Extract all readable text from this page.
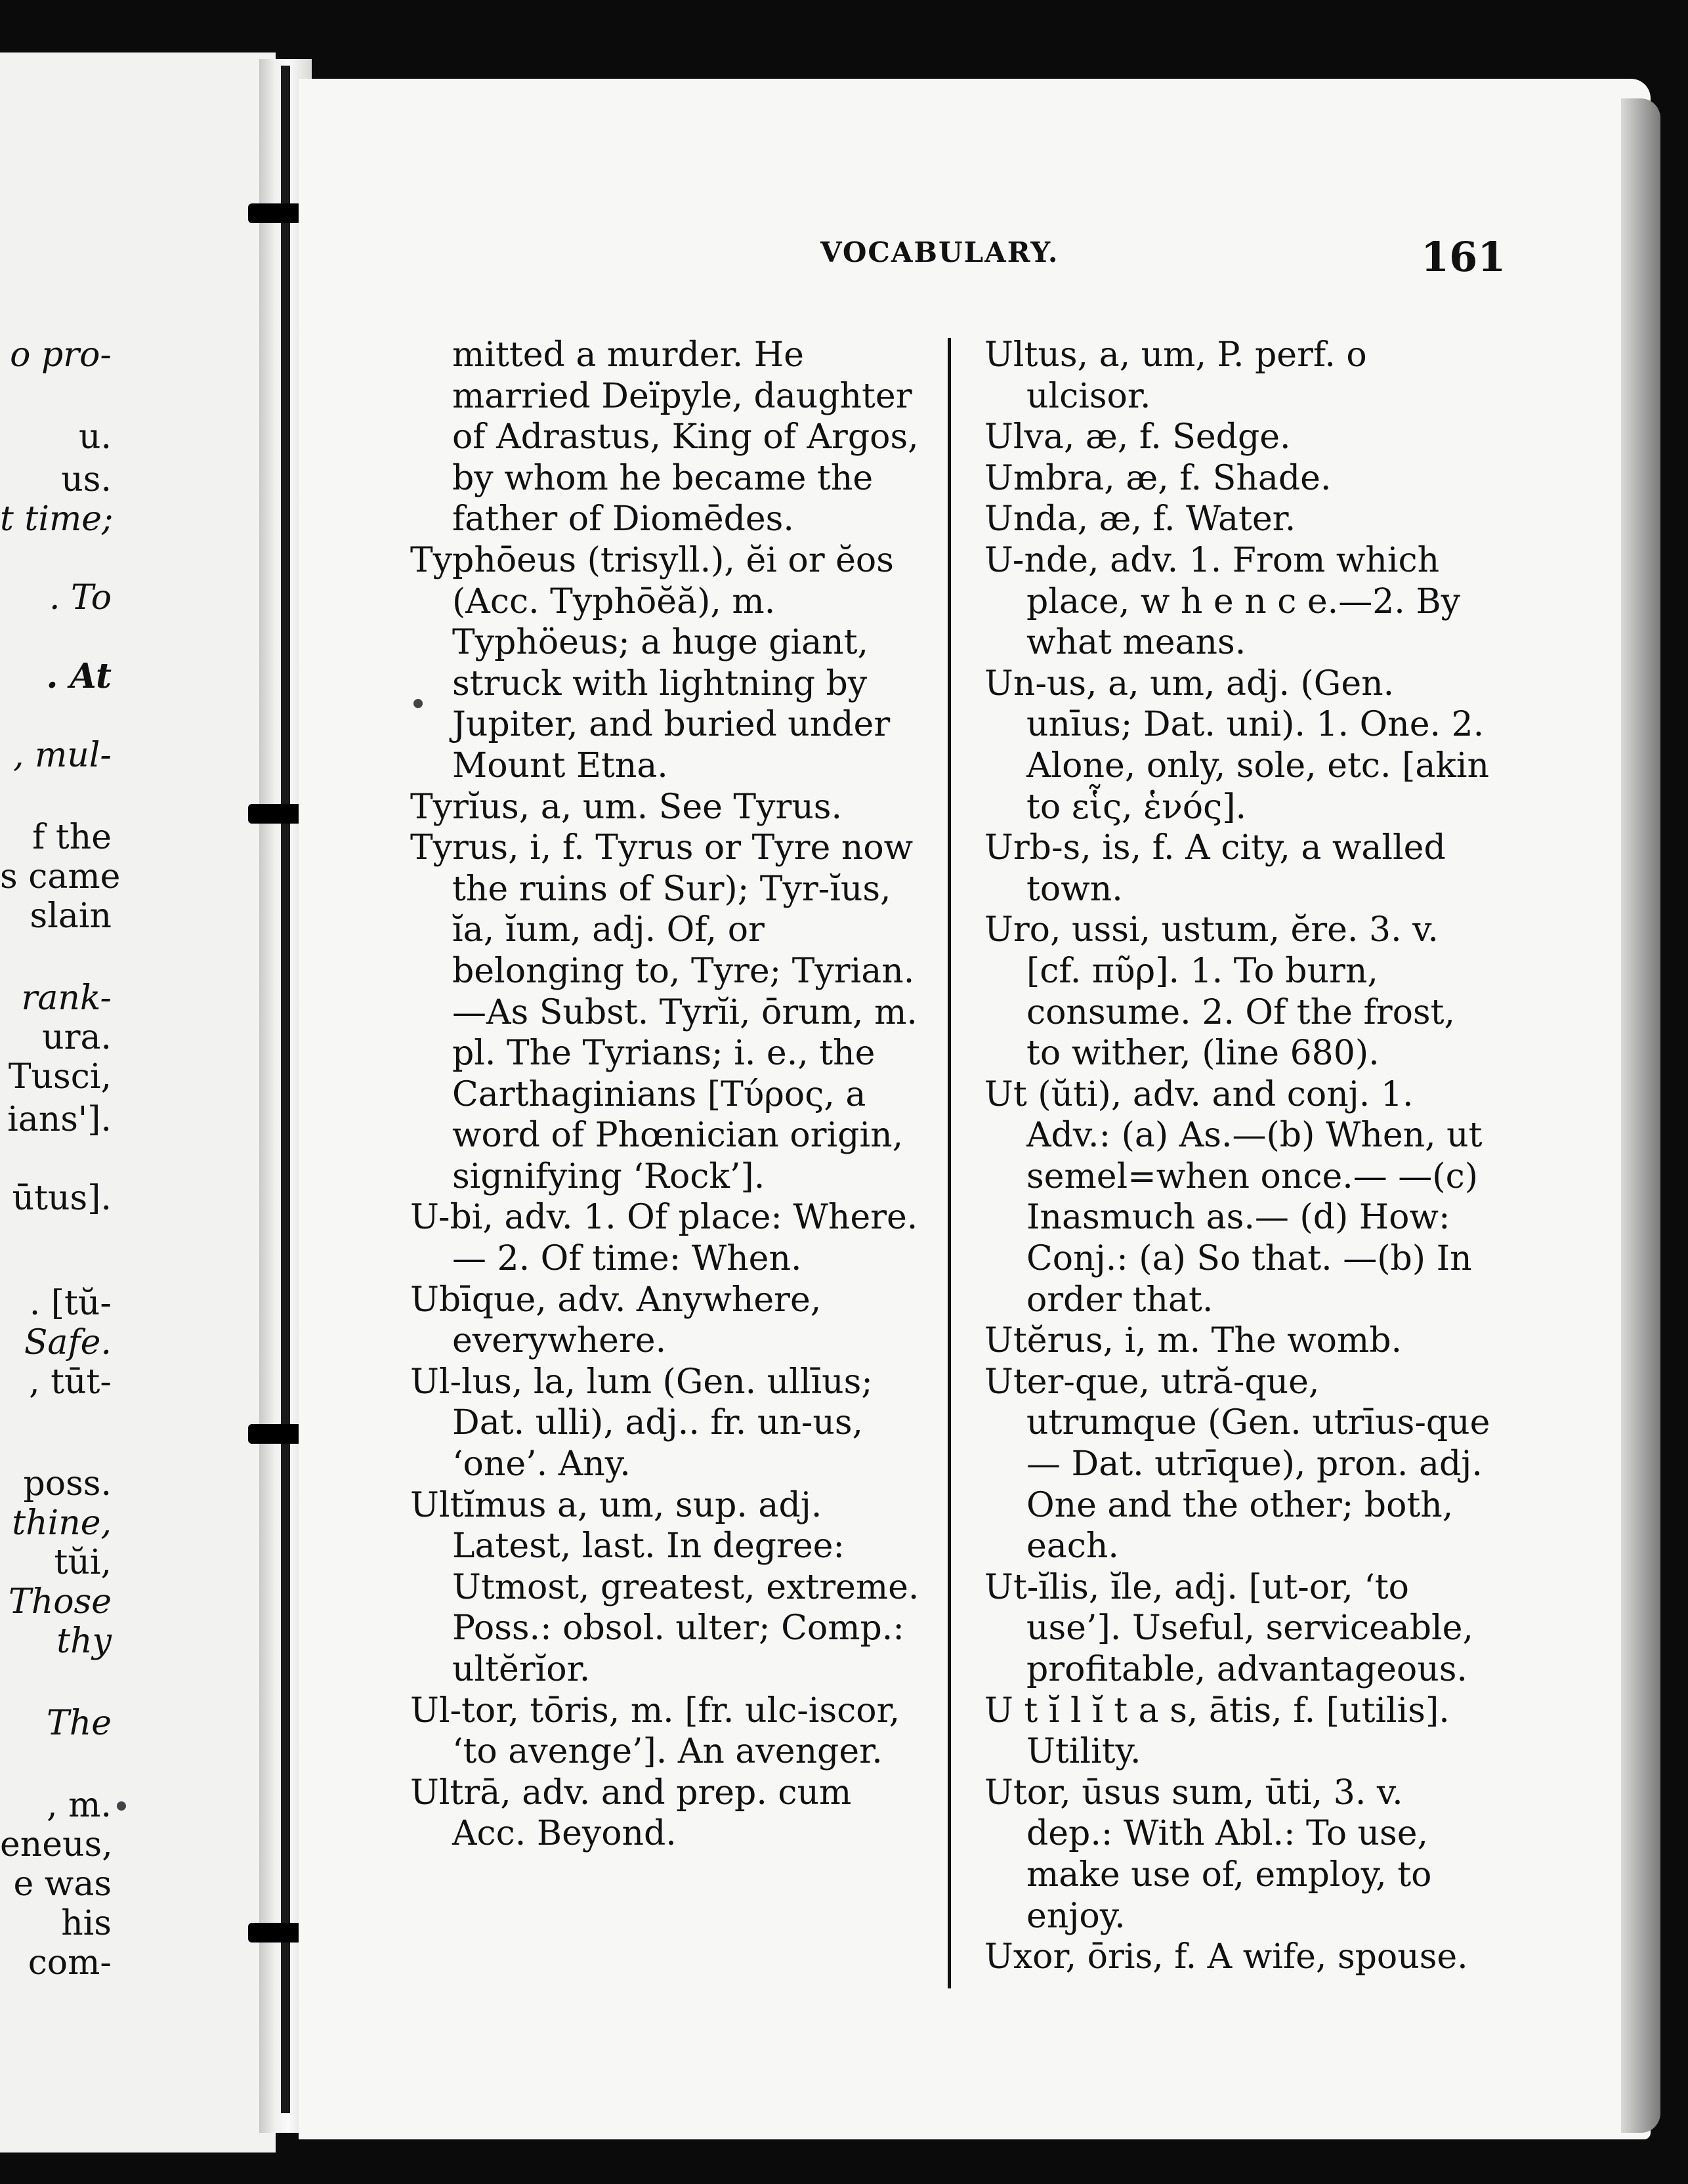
o pro-
u.
us.
t time;
. To
. At
, mul-
f the
s came
slain
rank-
ura.
Tusci,
ians'].
ūtus].
. [tŭ-
Safe.
, tūt-
poss.
thine,
tŭi,
Those
thy
The
, m.
eneus,
e was
his
com-
VOCABULARY.	161

mitted a murder. He married Deïpyle, daughter of Adrastus, King of Argos, by whom he became the father of Diomēdes.

Typhōeus (trisyll.), ĕi or ĕos (Acc. Typhōĕă), m. Typhöeus; a huge giant, struck with lightning by Jupiter, and buried under Mount Etna.

Tyrĭus, a, um. See Tyrus.

Tyrus, i, f. Tyrus or Tyre now the ruins of Sur); Tyr-ĭus, ĭa, ĭum, adj. Of, or belonging to, Tyre; Tyrian.—As Subst. Tyrĭi, ōrum, m. pl. The Tyrians; i. e., the Carthaginians [Τύρος, a word of Phœnician origin, signifying ‘Rock’].

U-bi, adv. 1. Of place: Where. — 2. Of time: When.

Ubīque, adv. Anywhere, everywhere.

Ul-lus, la, lum (Gen. ullīus; Dat. ulli), adj.. fr. un-us, ‘one’. Any.

Ultĭmus a, um, sup. adj. Latest, last. In degree: Utmost, greatest, extreme. Poss.: obsol. ulter; Comp.: ultĕrĭor.

Ul-tor, tōris, m. [fr. ulc-iscor, ‘to avenge’]. An avenger.

Ultrā, adv. and prep. cum Acc. Beyond.

Ultus, a, um, P. perf. o ulcisor.

Ulva, æ, f. Sedge.

Umbra, æ, f. Shade.

Unda, æ, f. Water.

U-nde, adv. 1. From which place, w h e n c e.—2. By what means.

Un-us, a, um, adj. (Gen. unīus; Dat. uni). 1. One. 2. Alone, only, sole, etc. [akin to εἷς, ἑνός].

Urb-s, is, f. A city, a walled town.

Uro, ussi, ustum, ĕre. 3. v. [cf. πῦρ]. 1. To burn, consume. 2. Of the frost, to wither, (line 680).

Ut (ŭti), adv. and conj. 1. Adv.: (a) As.—(b) When, ut semel=when once.— —(c) Inasmuch as.— (d) How: Conj.: (a) So that. —(b) In order that.

Utĕrus, i, m. The womb.

Uter-que, utră-que, utrumque (Gen. utrīus-que— Dat. utrīque), pron. adj. One and the other; both, each.

Ut-ĭlis, ĭle, adj. [ut-or, ‘to use’]. Useful, serviceable, profitable, advantageous.

U t ĭ l ĭ t a s, ātis, f. [utilis]. Utility.

Utor, ūsus sum, ūti, 3. v. dep.: With Abl.: To use, make use of, employ, to enjoy.

Uxor, ōris, f. A wife, spouse.
